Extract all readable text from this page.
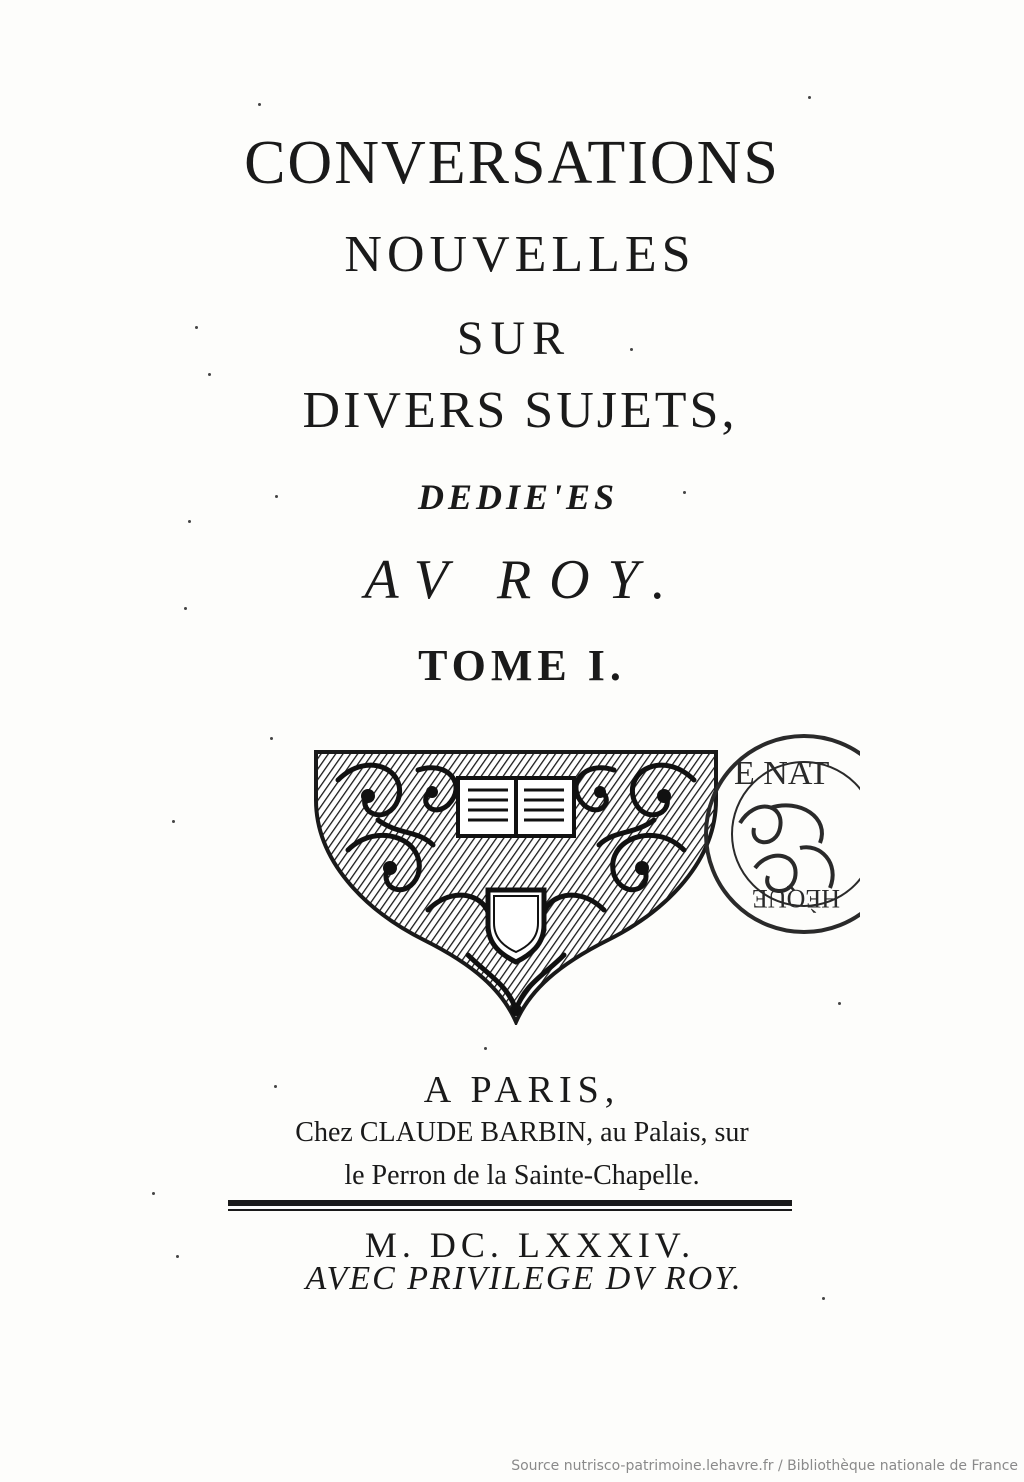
CONVERSATIONS
NOUVELLES
SUR
DIVERS SUJETS,
DEDIE'ES
AV ROY.
TOME I.
E NAT
HÈQUE
A PARIS,
Chez CLAUDE BARBIN, au Palais, sur
le Perron de la Sainte-Chapelle.
M. DC. LXXXIV.
AVEC PRIVILEGE DV ROY.
Source nutrisco-patrimoine.lehavre.fr / Bibliothèque nationale de France
